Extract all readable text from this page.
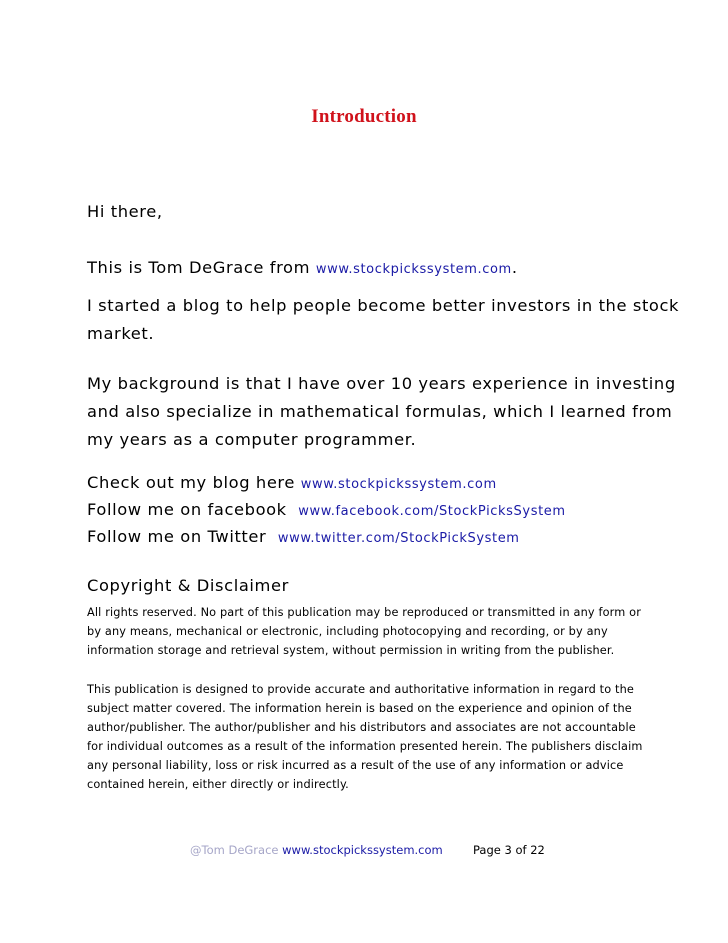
Introduction
Hi there,
This is Tom DeGrace from www.stockpickssystem.com.
I started a blog to help people become better investors in the stock
market.
My background is that I have over 10 years experience in investing
and also specialize in mathematical formulas, which I learned from
my years as a computer programmer.
Check out my blog here www.stockpickssystem.com
Follow me on facebook  www.facebook.com/StockPicksSystem
Follow me on Twitter  www.twitter.com/StockPickSystem
Copyright & Disclaimer
All rights reserved. No part of this publication may be reproduced or transmitted in any form or
by any means, mechanical or electronic, including photocopying and recording, or by any
information storage and retrieval system, without permission in writing from the publisher.
This publication is designed to provide accurate and authoritative information in regard to the
subject matter covered. The information herein is based on the experience and opinion of the
author/publisher. The author/publisher and his distributors and associates are not accountable
for individual outcomes as a result of the information presented herein. The publishers disclaim
any personal liability, loss or risk incurred as a result of the use of any information or advice
contained herein, either directly or indirectly.
@Tom DeGrace www.stockpickssystem.com	Page 3 of 22
